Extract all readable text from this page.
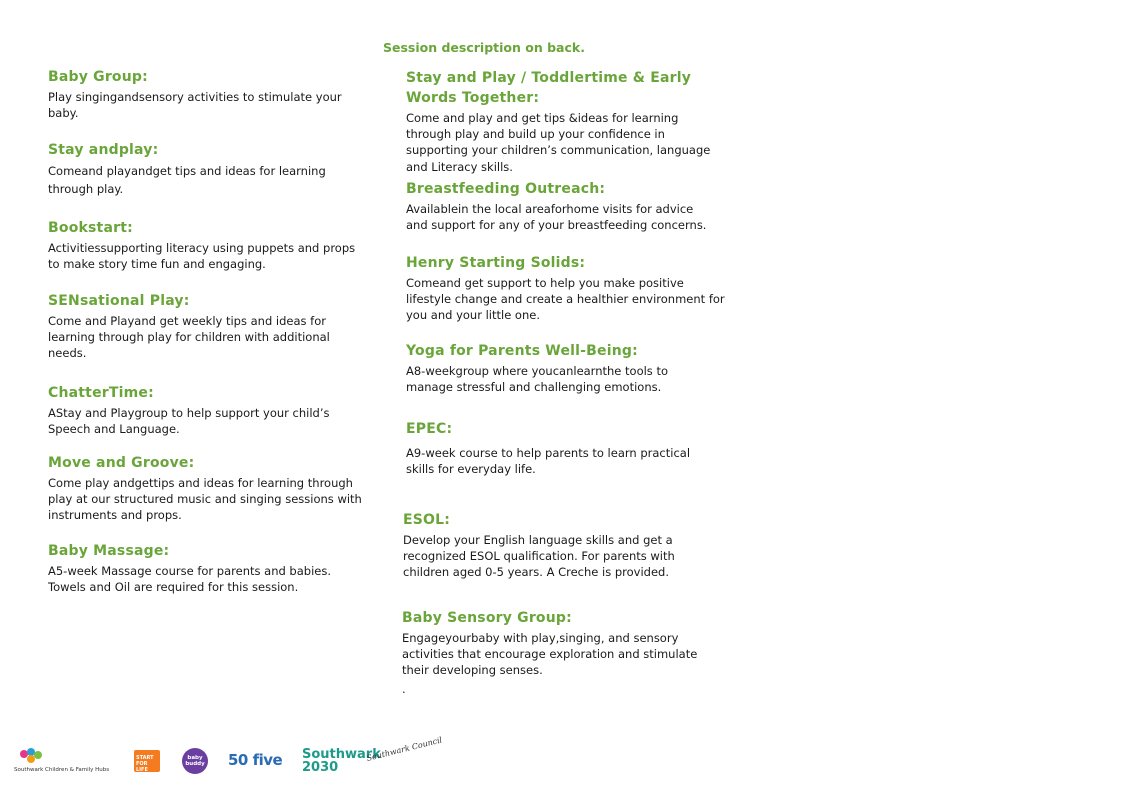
Session description on back.
Baby Group:

Play singingandsensory activities to stimulate your baby.

Stay andplay:

Comeand playandget tips and ideas for learning through play.

Bookstart:

Activitiessupporting literacy using puppets and props to make story time fun and engaging.

SENsational Play:

Come and Playand get weekly tips and ideas for learning through play for children with additional needs.

ChatterTime:

AStay and Playgroup to help support your child’s Speech and Language.

Move and Groove:

Come play andgettips and ideas for learning through play at our structured music and singing sessions with instruments and props.

Baby Massage:

A5-week Massage course for parents and babies. Towels and Oil are required for this session.

Stay and Play / Toddlertime & Early Words Together:

Come and play and get tips &ideas for learning through play and build up your confidence in supporting your children’s communication, language and Literacy skills.

Breastfeeding Outreach:

Availablein the local areaforhome visits for advice and support for any of your breastfeeding concerns.

Henry Starting Solids:

Comeand get support to help you make positive lifestyle change and create a healthier environment for you and your little one.

Yoga for Parents Well-Being:

A8-weekgroup where youcanlearnthe tools to manage stressful and challenging emotions.

EPEC:

A9-week course to help parents to learn practical skills for everyday life.

ESOL:

Develop your English language skills and get a recognized ESOL qualification. For parents with children aged 0-5 years. A Creche is provided.

Baby Sensory Group:

Engageyourbaby with play,singing, and sensory activities that encourage exploration and stimulate their developing senses.

.

Southwark Children & Family Hubs
START FOR LIFE
baby buddy 50 five Southwark 2030
Southwark Council
